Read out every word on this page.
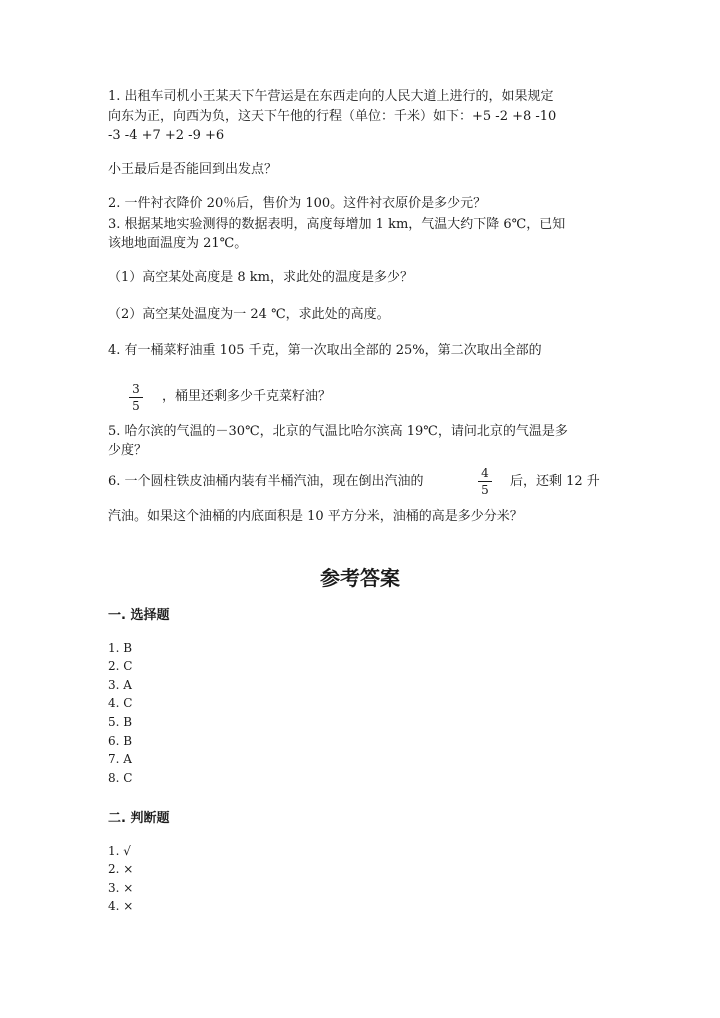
1. 出租车司机小王某天下午营运是在东西走向的人民大道上进行的，如果规定
向东为正，向西为负，这天下午他的行程（单位：千米）如下：+5 -2 +8 -10
-3 -4 +7 +2 -9 +6
小王最后是否能回到出发点？
2. 一件衬衣降价 20％后，售价为 100。这件衬衣原价是多少元？
3. 根据某地实验测得的数据表明，高度每增加 1 km，气温大约下降 6℃，已知
该地地面温度为 21℃。
（1）高空某处高度是 8 km，求此处的温度是多少？
（2）高空某处温度为一 24 ℃，求此处的高度。
4. 有一桶菜籽油重 105 千克，第一次取出全部的 25%，第二次取出全部的
$\frac{3}{5}$ ，桶里还剩多少千克菜籽油？
5. 哈尔滨的气温的－30℃，北京的气温比哈尔滨高 19℃，请问北京的气温是多
少度？
6. 一个圆柱铁皮油桶内装有半桶汽油，现在倒出汽油的	$\frac{4}{5}$ 后，还剩 12 升
汽油。如果这个油桶的内底面积是 10 平方分米，油桶的高是多少分米？
参考答案
一. 选择题
1. B
2. C
3. A
4. C
5. B
6. B
7. A
8. C
二. 判断题
1. √
2. ×
3. ×
4. ×
